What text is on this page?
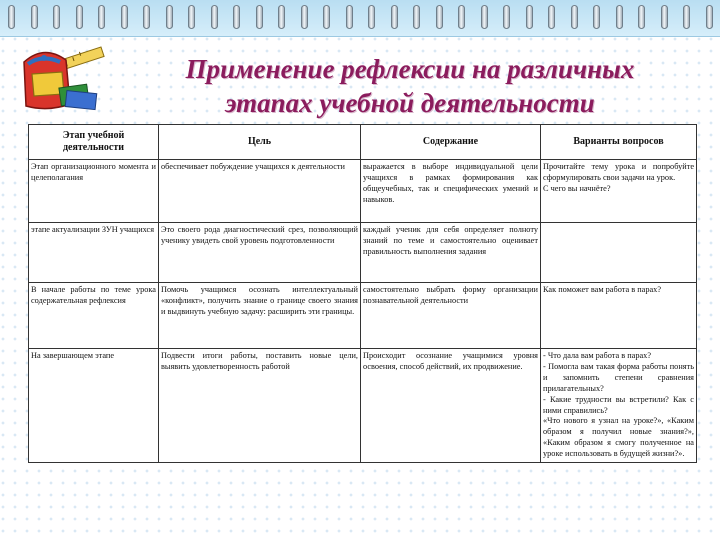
Применение рефлексии на различных
этапах учебной деятельности
Этап учебной деятельности	Цель	Содержание	Варианты вопросов
Этап организационного момента и целеполагания	обеспечивает побуждение учащихся к деятельности	выражается в выборе индивидуальной цели учащихся в рамках формирования как общеучебных, так и специфических умений и навыков.	Прочитайте тему урока и попробуйте сформулировать свои задачи на урок.
С чего вы начнёте?
этапе актуализации ЗУН учащихся	Это своего рода диагностический срез, позволяющий ученику увидеть свой уровень подготовленности	каждый ученик для себя определяет полноту знаний по теме и самостоятельно оценивает правильность выполнения задания	
В начале работы по теме урока содержательная рефлексия	Помочь учащимся осознать интеллектуальный «конфликт», получить знание о границе своего знания и выдвинуть учебную задачу: расширить эти границы.	самостоятельно выбрать форму организации познавательной деятельности	Как поможет вам работа в парах?
На завершающем этапе	Подвести итоги работы, поставить новые цели, выявить удовлетворенность работой	Происходит осознание учащимися уровня освоения, способ действий, их продвижение.	- Что дала вам работа в парах?
- Помогла вам такая форма работы понять и запомнить степени сравнения прилагательных?
- Какие трудности вы встретили? Как с ними справились?
«Что нового я узнал на уроке?», «Каким образом я получил новые знания?», «Каким образом я смогу полученное на уроке использовать в будущей жизни?».
